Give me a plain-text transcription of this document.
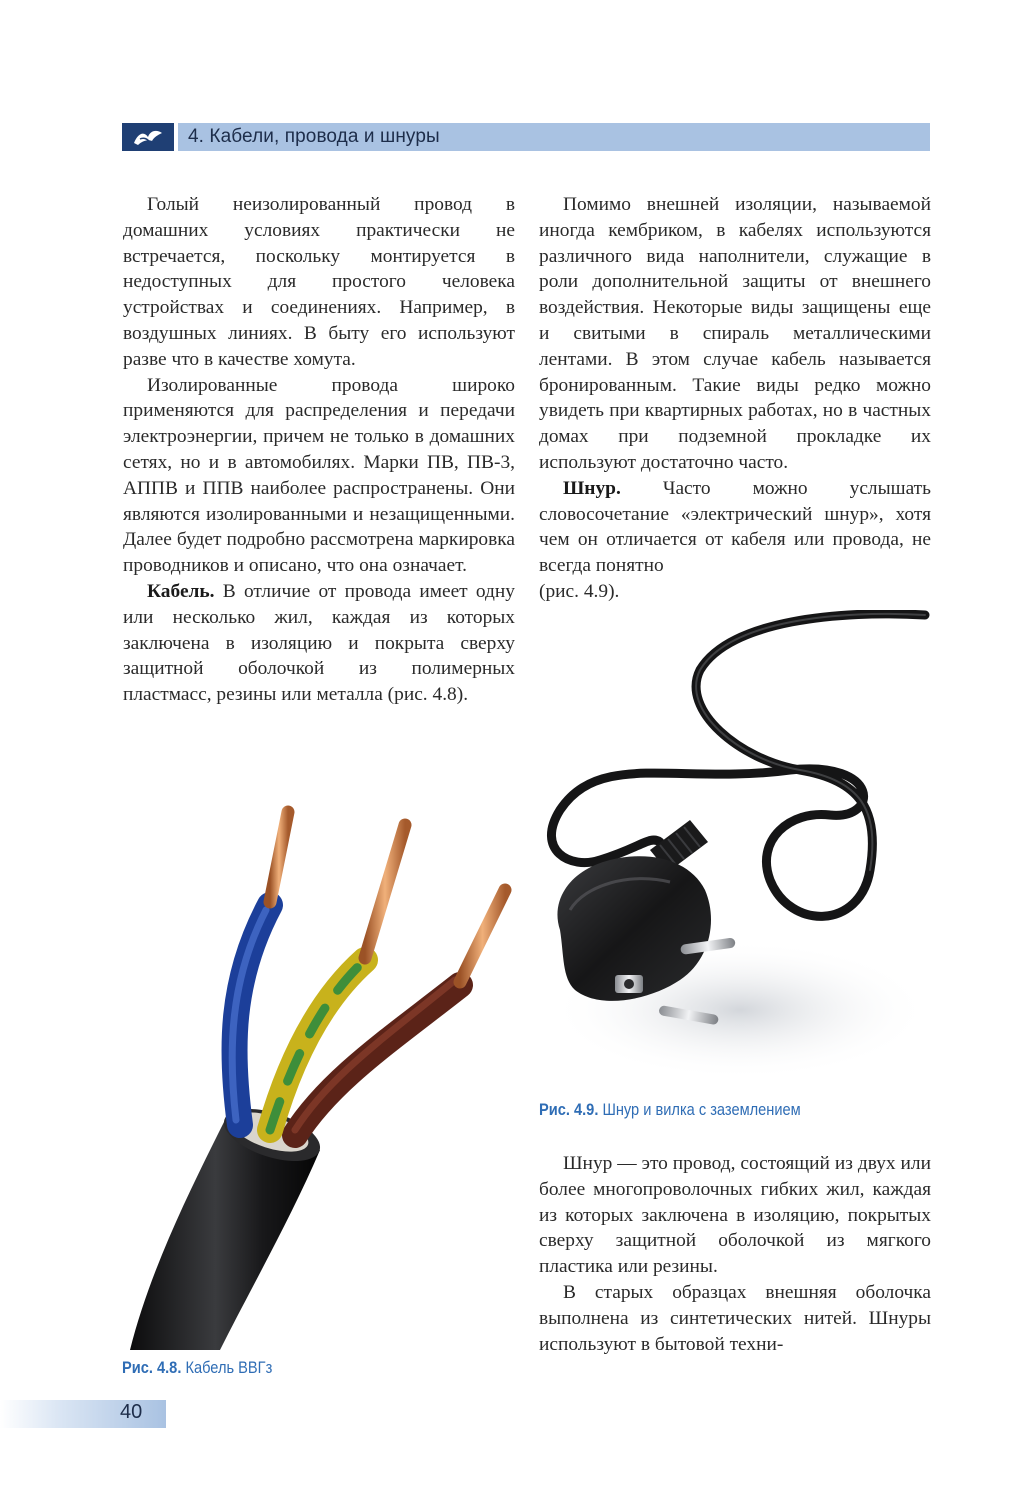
4. Кабели, провода и шнуры

Голый неизолированный провод в домашних условиях практически не встречается, поскольку монтируется в недоступных для простого человека устройствах и соединениях. Например, в воздушных линиях. В быту его используют разве что в качестве хомута.

Изолированные провода широко применяются для распределения и передачи электроэнергии, причем не только в домашних сетях, но и в автомобилях. Марки ПВ, ПВ-3, АППВ и ППВ наиболее распространены. Они являются изолированными и незащищенными. Далее будет подробно рассмотрена маркировка проводников и описано, что она означает.

Кабель. В отличие от провода имеет одну или несколько жил, каждая из которых заключена в изоляцию и покрыта сверху защитной оболочкой из полимерных пластмасс, резины или металла (рис. 4.8).

Помимо внешней изоляции, называемой иногда кембриком, в кабелях используются различного вида наполнители, служащие в роли дополнительной защиты от внешнего воздействия. Некоторые виды защищены еще и свитыми в спираль металлическими лентами. В этом случае кабель называется бронированным. Такие виды редко можно увидеть при квартирных работах, но в частных домах при подземной прокладке их используют достаточно часто.

Шнур. Часто можно услышать словосочетание «электрический шнур», хотя чем он отличается от кабеля или провода, не всегда понятно

(рис. 4.9).

Рис. 4.9. Шнур и вилка с заземлением

Шнур — это провод, состоящий из двух или более многопроволочных гибких жил, каждая из которых заключена в изоляцию, покрытых сверху защитной оболочкой из мягкого пластика или резины.

В старых образцах внешняя оболочка выполнена из синтетических нитей. Шнуры используют в бытовой техни-

Рис. 4.8. Кабель ВВГз
40
